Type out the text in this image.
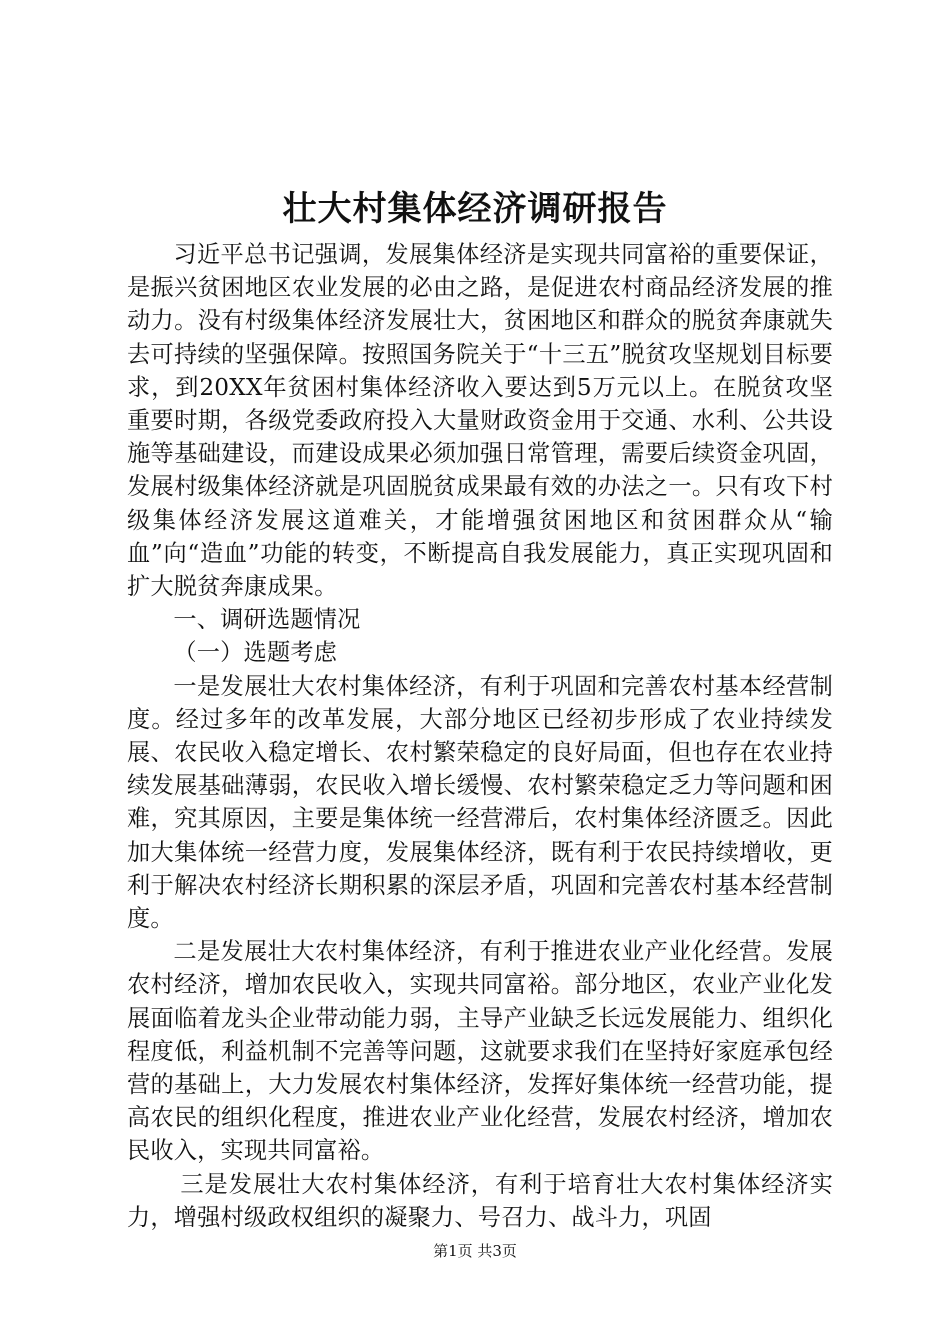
壮大村集体经济调研报告

习近平总书记强调，发展集体经济是实现共同富裕的重要保证，是振兴贫困地区农业发展的必由之路，是促进农村商品经济发展的推动力。没有村级集体经济发展壮大，贫困地区和群众的脱贫奔康就失去可持续的坚强保障。按照国务院关于“十三五”脱贫攻坚规划目标要求，到20XX年贫困村集体经济收入要达到5万元以上。在脱贫攻坚重要时期，各级党委政府投入大量财政资金用于交通、水利、公共设施等基础建设，而建设成果必须加强日常管理，需要后续资金巩固，发展村级集体经济就是巩固脱贫成果最有效的办法之一。只有攻下村级集体经济发展这道难关，才能增强贫困地区和贫困群众从“输血”向“造血”功能的转变，不断提高自我发展能力，真正实现巩固和扩大脱贫奔康成果。

一、调研选题情况

（一）选题考虑

一是发展壮大农村集体经济，有利于巩固和完善农村基本经营制度。经过多年的改革发展，大部分地区已经初步形成了农业持续发展、农民收入稳定增长、农村繁荣稳定的良好局面，但也存在农业持续发展基础薄弱，农民收入增长缓慢、农村繁荣稳定乏力等问题和困难，究其原因，主要是集体统一经营滞后，农村集体经济匮乏。因此加大集体统一经营力度，发展集体经济，既有利于农民持续增收，更利于解决农村经济长期积累的深层矛盾，巩固和完善农村基本经营制度。

二是发展壮大农村集体经济，有利于推进农业产业化经营。发展农村经济，增加农民收入，实现共同富裕。部分地区，农业产业化发展面临着龙头企业带动能力弱，主导产业缺乏长远发展能力、组织化程度低，利益机制不完善等问题，这就要求我们在坚持好家庭承包经营的基础上，大力发展农村集体经济，发挥好集体统一经营功能，提高农民的组织化程度，推进农业产业化经营，发展农村经济，增加农民收入，实现共同富裕。

三是发展壮大农村集体经济，有利于培育壮大农村集体经济实力，增强村级政权组织的凝聚力、号召力、战斗力，巩固

第1页 共3页
